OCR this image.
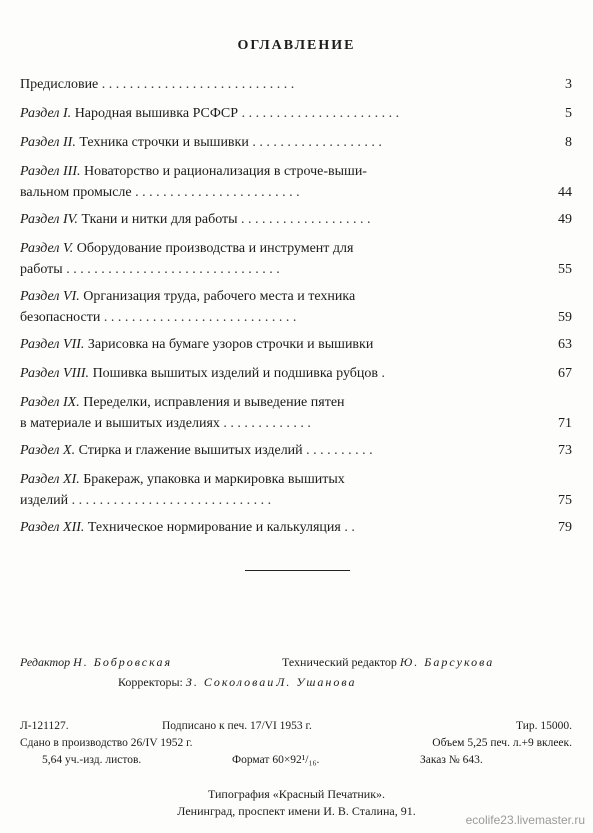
ОГЛАВЛЕНИЕ
Предисловие . . . . . . . . . . . . . . . . . . . . . . . . . . . .	3
Раздел I. Народная вышивка РСФСР . . . . . . . . . . . . . . . . . . . . . . .	5
Раздел II. Техника строчки и вышивки . . . . . . . . . . . . . . . . . . .	8
Раздел III. Новаторство и рационализация в строче-выши-
вальном промысле . . . . . . . . . . . . . . . . . . . . . . . .	44
Раздел IV. Ткани и нитки для работы . . . . . . . . . . . . . . . . . . .	49
Раздел V. Оборудование производства и инструмент для
работы . . . . . . . . . . . . . . . . . . . . . . . . . . . . . . .	55
Раздел VI. Организация труда, рабочего места и техника
безопасности . . . . . . . . . . . . . . . . . . . . . . . . . . . .	59
Раздел VII. Зарисовка на бумаге узоров строчки и вышивки	63
Раздел VIII. Пошивка вышитых изделий и подшивка рубцов .	67
Раздел IX. Переделки, исправления и выведение пятен
в материале и вышитых изделиях . . . . . . . . . . . . .	71
Раздел X. Стирка и глажение вышитых изделий . . . . . . . . . .	73
Раздел XI. Бракераж, упаковка и маркировка вышитых
изделий . . . . . . . . . . . . . . . . . . . . . . . . . . . . .	75
Раздел XII. Техническое нормирование и калькуляция . .	79
Редактор Н. Бобровская	Технический редактор Ю. Барсукова
Корректоры: З. Соколоваи Л. Ушанова
Л-121127.	Подписано к печ. 17/VI 1953 г.	Тир. 15000.
Сдано в производство 26/IV 1952 г.	Объем 5,25 печ. л.+9 вклеек.
5,64 уч.-изд. листов.	Формат 60×92¹/₁₆.	Заказ № 643.
Типография «Красный Печатник».
Ленинград, проспект имени И. В. Сталина, 91.
ecolife23.livemaster.ru
